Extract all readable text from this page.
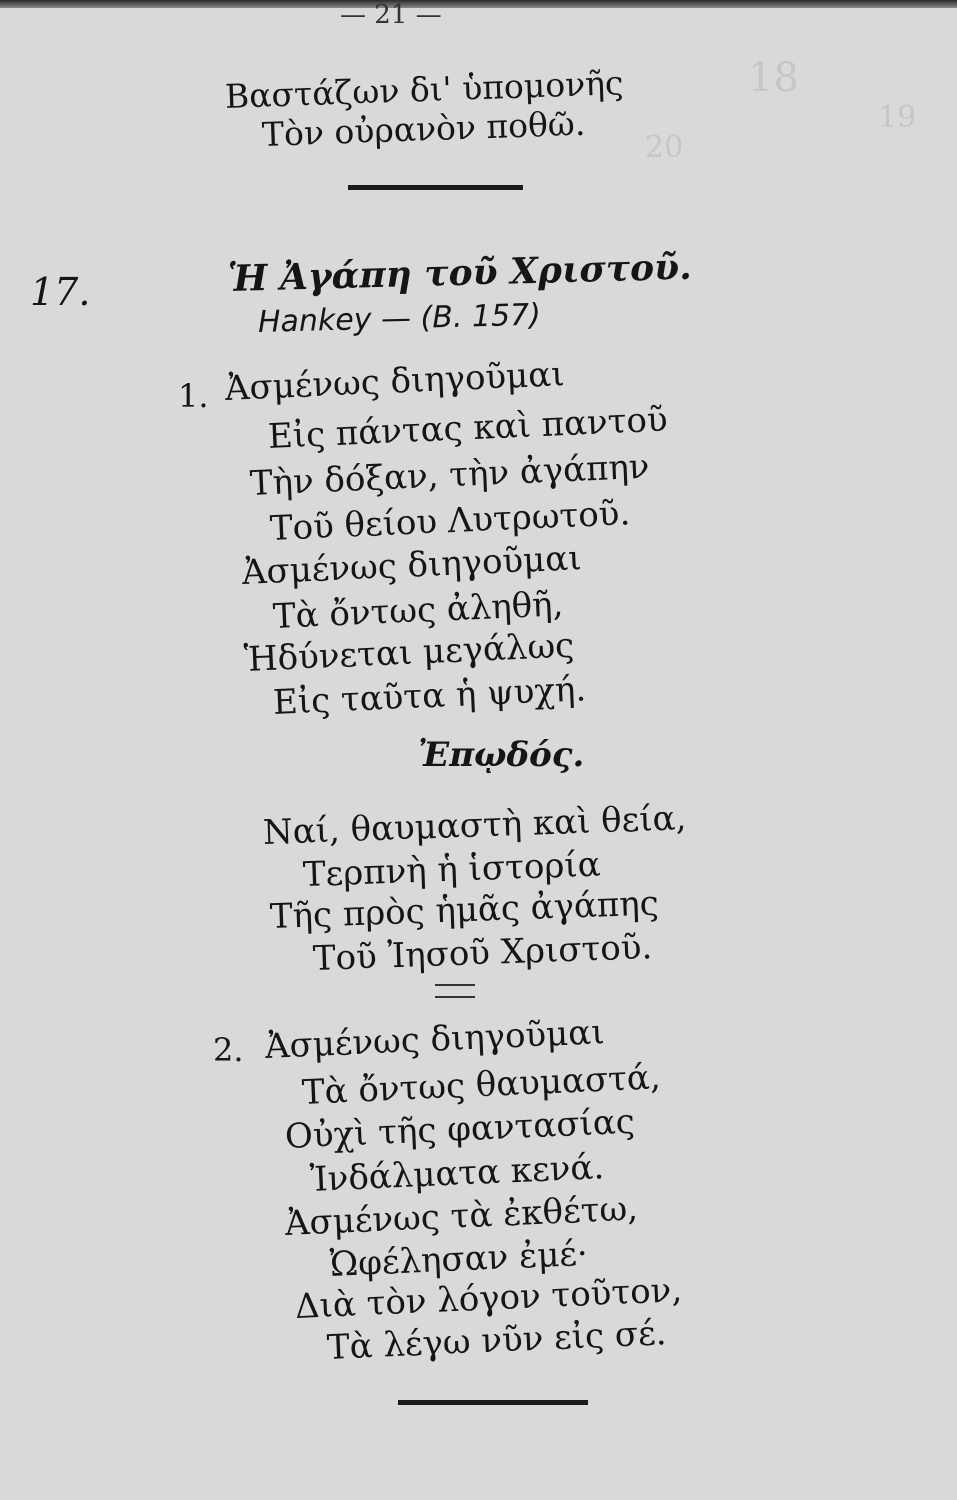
18
19
20
— 21 —
Βαστάζων δι' ὑπομονῆς
Τὸν οὐρανὸν ποθῶ.
17.	Ἡ Ἀγάπη τοῦ Χριστοῦ.
Hankey — (Β. 157)
1. Ἀσμένως διηγοῦμαι
Εἰς πάντας καὶ παντοῦ
Τὴν δόξαν, τὴν ἀγάπην
Τοῦ θείου Λυτρωτοῦ.
Ἀσμένως διηγοῦμαι
Τὰ ὄντως ἀληθῆ,
Ἡδύνεται μεγάλως
Εἰς ταῦτα ἡ ψυχή.
Ἐπῳδός.
Ναί, θαυμαστὴ καὶ θεία,
Τερπνὴ ἡ ἱστορία
Τῆς πρὸς ἡμᾶς ἀγάπης
Τοῦ Ἰησοῦ Χριστοῦ.
2. Ἀσμένως διηγοῦμαι
Τὰ ὄντως θαυμαστά,
Οὐχὶ τῆς φαντασίας
Ἰνδάλματα κενά.
Ἀσμένως τὰ ἐκθέτω,
Ὠφέλησαν ἐμέ·
Διὰ τὸν λόγον τοῦτον,
Τὰ λέγω νῦν εἰς σέ.
